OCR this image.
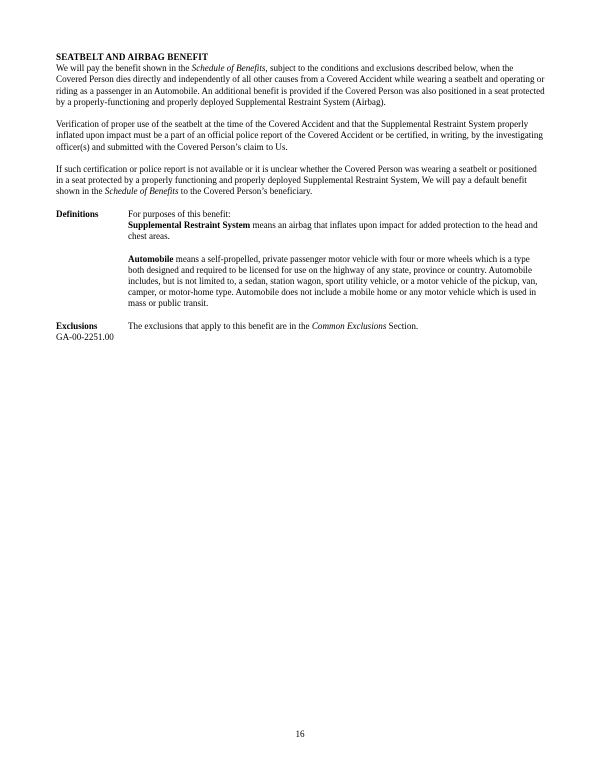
SEATBELT AND AIRBAG BENEFIT

We will pay the benefit shown in the Schedule of Benefits, subject to the conditions and exclusions described below, when the Covered Person dies directly and independently of all other causes from a Covered Accident while wearing a seatbelt and operating or riding as a passenger in an Automobile. An additional benefit is provided if the Covered Person was also positioned in a seat protected by a properly-functioning and properly deployed Supplemental Restraint System (Airbag).

Verification of proper use of the seatbelt at the time of the Covered Accident and that the Supplemental Restraint System properly inflated upon impact must be a part of an official police report of the Covered Accident or be certified, in writing, by the investigating officer(s) and submitted with the Covered Person’s claim to Us.

If such certification or police report is not available or it is unclear whether the Covered Person was wearing a seatbelt or positioned in a seat protected by a properly functioning and properly deployed Supplemental Restraint System, We will pay a default benefit shown in the Schedule of Benefits to the Covered Person’s beneficiary.

Definitions	For purposes of this benefit:
Supplemental Restraint System means an airbag that inflates upon impact for added protection to the head and chest areas.

Automobile means a self-propelled, private passenger motor vehicle with four or more wheels which is a type both designed and required to be licensed for use on the highway of any state, province or country. Automobile includes, but is not limited to, a sedan, station wagon, sport utility vehicle, or a motor vehicle of the pickup, van, camper, or motor-home type. Automobile does not include a mobile home or any motor vehicle which is used in mass or public transit.

Exclusions
GA-00-2251.00

The exclusions that apply to this benefit are in the Common Exclusions Section.

16
